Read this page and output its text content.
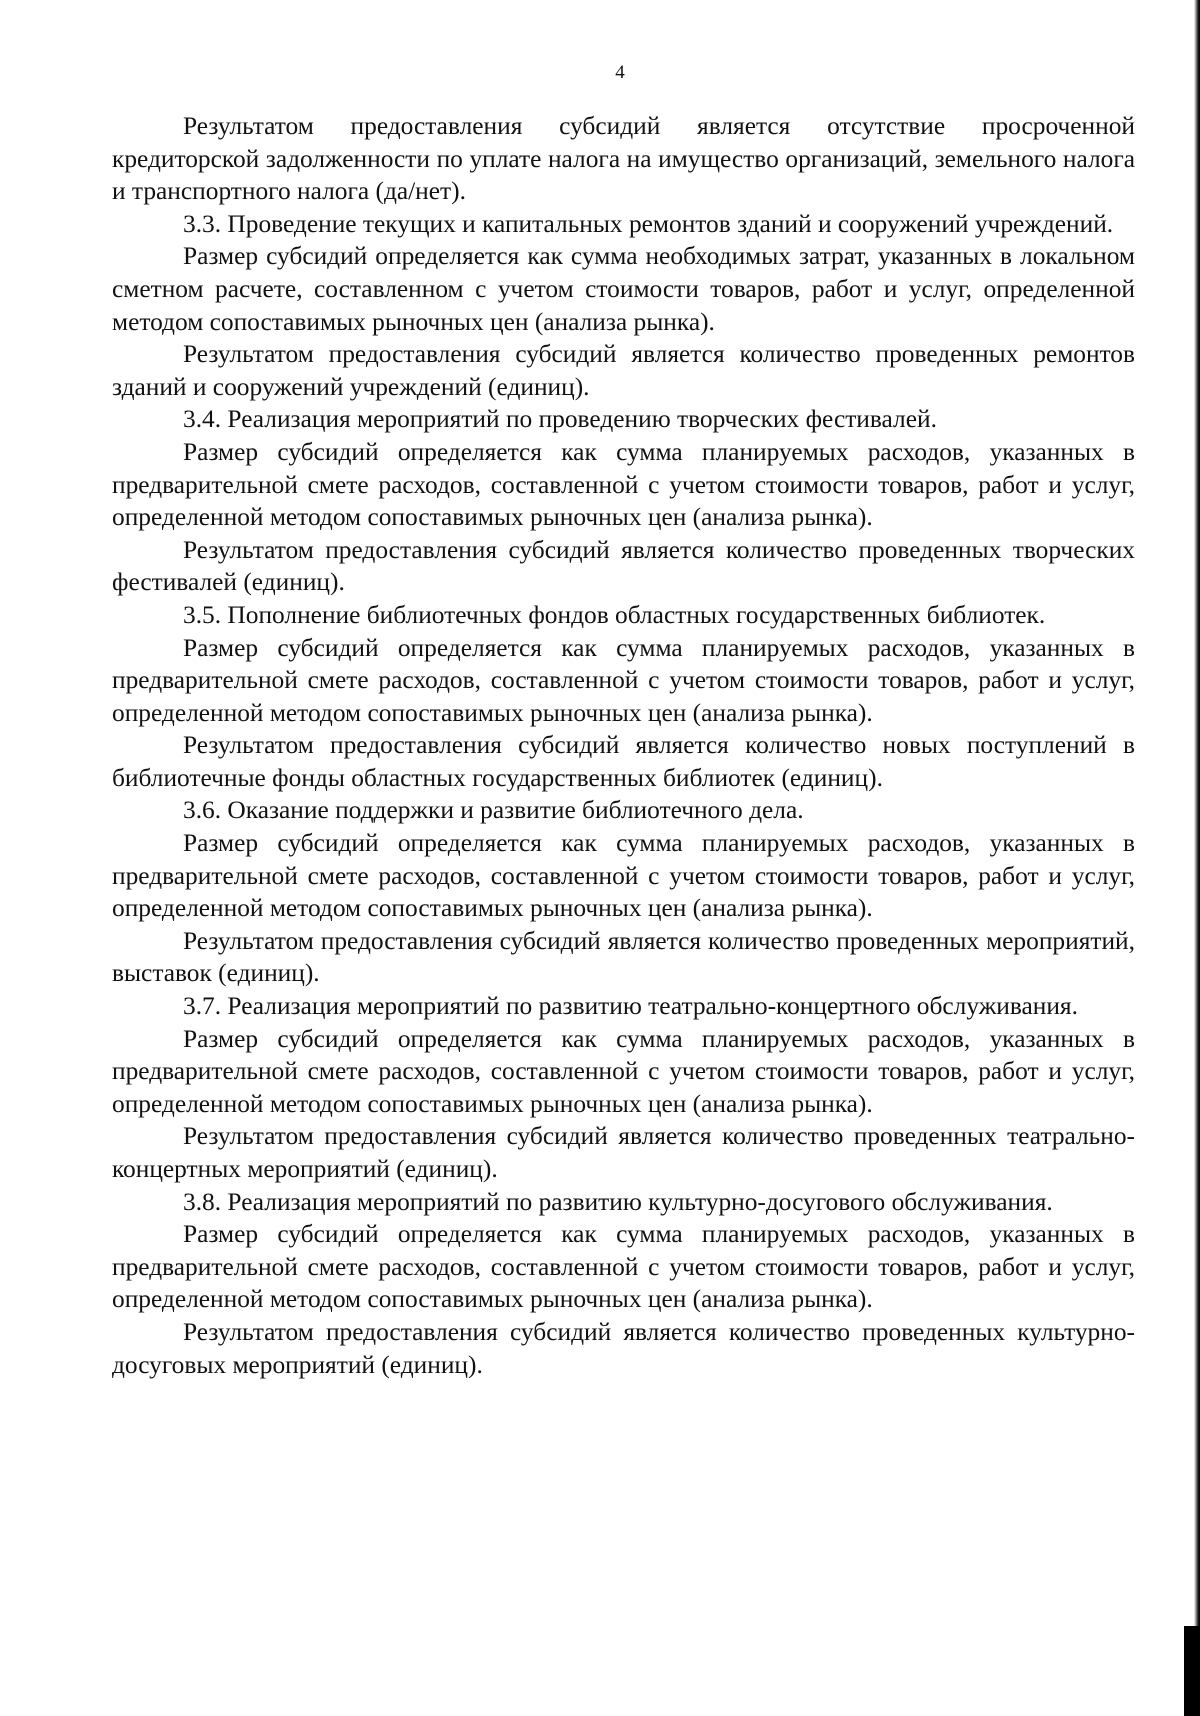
4

Результатом предоставления субсидий является отсутствие просроченной кредиторской задолженности по уплате налога на имущество организаций, земельного налога и транспортного налога (да/нет).

3.3. Проведение текущих и капитальных ремонтов зданий и сооружений учреждений.

Размер субсидий определяется как сумма необходимых затрат, указанных в локальном сметном расчете, составленном с учетом стоимости товаров, работ и услуг, определенной методом сопоставимых рыночных цен (анализа рынка).

Результатом предоставления субсидий является количество проведенных ремонтов зданий и сооружений учреждений (единиц).

3.4. Реализация мероприятий по проведению творческих фестивалей.

Размер субсидий определяется как сумма планируемых расходов, указанных в предварительной смете расходов, составленной с учетом стоимости товаров, работ и услуг, определенной методом сопоставимых рыночных цен (анализа рынка).

Результатом предоставления субсидий является количество проведенных творческих фестивалей (единиц).

3.5. Пополнение библиотечных фондов областных государственных библиотек.

Размер субсидий определяется как сумма планируемых расходов, указанных в предварительной смете расходов, составленной с учетом стоимости товаров, работ и услуг, определенной методом сопоставимых рыночных цен (анализа рынка).

Результатом предоставления субсидий является количество новых поступлений в библиотечные фонды областных государственных библиотек (единиц).

3.6. Оказание поддержки и развитие библиотечного дела.

Размер субсидий определяется как сумма планируемых расходов, указанных в предварительной смете расходов, составленной с учетом стоимости товаров, работ и услуг, определенной методом сопоставимых рыночных цен (анализа рынка).

Результатом предоставления субсидий является количество проведенных мероприятий, выставок (единиц).

3.7. Реализация мероприятий по развитию театрально-концертного обслуживания.

Размер субсидий определяется как сумма планируемых расходов, указанных в предварительной смете расходов, составленной с учетом стоимости товаров, работ и услуг, определенной методом сопоставимых рыночных цен (анализа рынка).

Результатом предоставления субсидий является количество проведенных театрально-концертных мероприятий (единиц).

3.8. Реализация мероприятий по развитию культурно-досугового обслуживания.

Размер субсидий определяется как сумма планируемых расходов, указанных в предварительной смете расходов, составленной с учетом стоимости товаров, работ и услуг, определенной методом сопоставимых рыночных цен (анализа рынка).

Результатом предоставления субсидий является количество проведенных культурно-досуговых мероприятий (единиц).
